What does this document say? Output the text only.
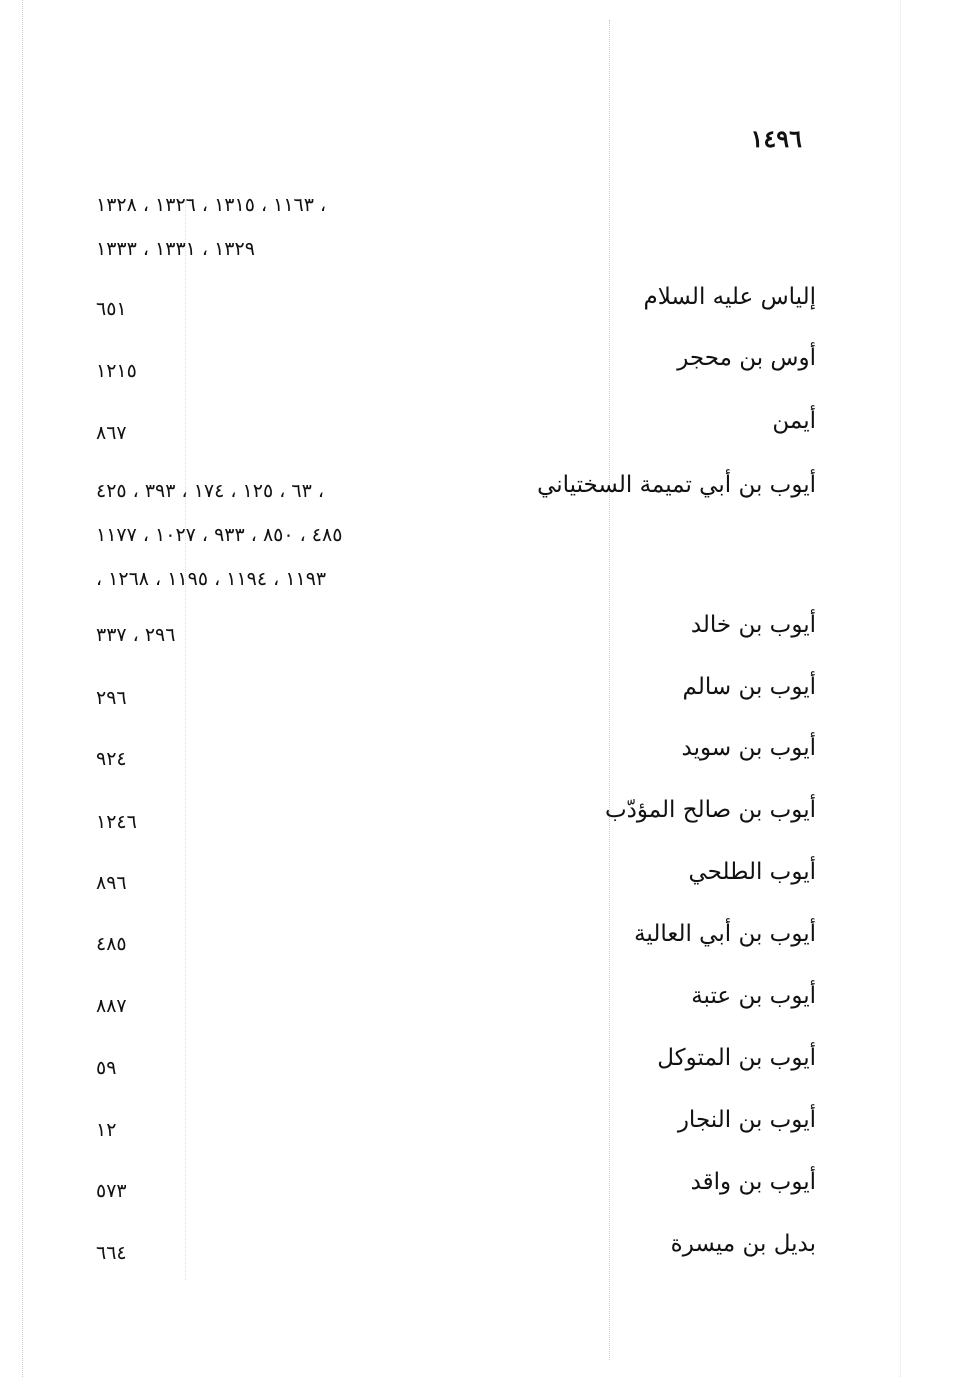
١٤٩٦
١١٦٣ ، ١٣١٥ ، ١٣٢٦ ، ١٣٢٨ ،
١٣٢٩ ، ١٣٣١ ، ١٣٣٣
إلياس عليه السلام
٦٥١
أوس بن محجر
١٢١٥
أيمن
٨٦٧
أيوب بن أبي تميمة السختياني
٦٣ ، ١٢٥ ، ١٧٤ ، ٣٩٣ ، ٤٢٥ ،
٤٨٥ ، ٨٥٠ ، ٩٣٣ ، ١٠٢٧ ، ١١٧٧
، ١١٩٣ ، ١١٩٤ ، ١١٩٥ ، ١٢٦٨
أيوب بن خالد
٢٩٦ ، ٣٣٧
أيوب بن سالم
٢٩٦
أيوب بن سويد
٩٢٤
أيوب بن صالح المؤدّب
١٢٤٦
أيوب الطلحي
٨٩٦
أيوب بن أبي العالية
٤٨٥
أيوب بن عتبة
٨٨٧
أيوب بن المتوكل
٥٩
أيوب بن النجار
١٢
أيوب بن واقد
٥٧٣
بديل بن ميسرة
٦٦٤
